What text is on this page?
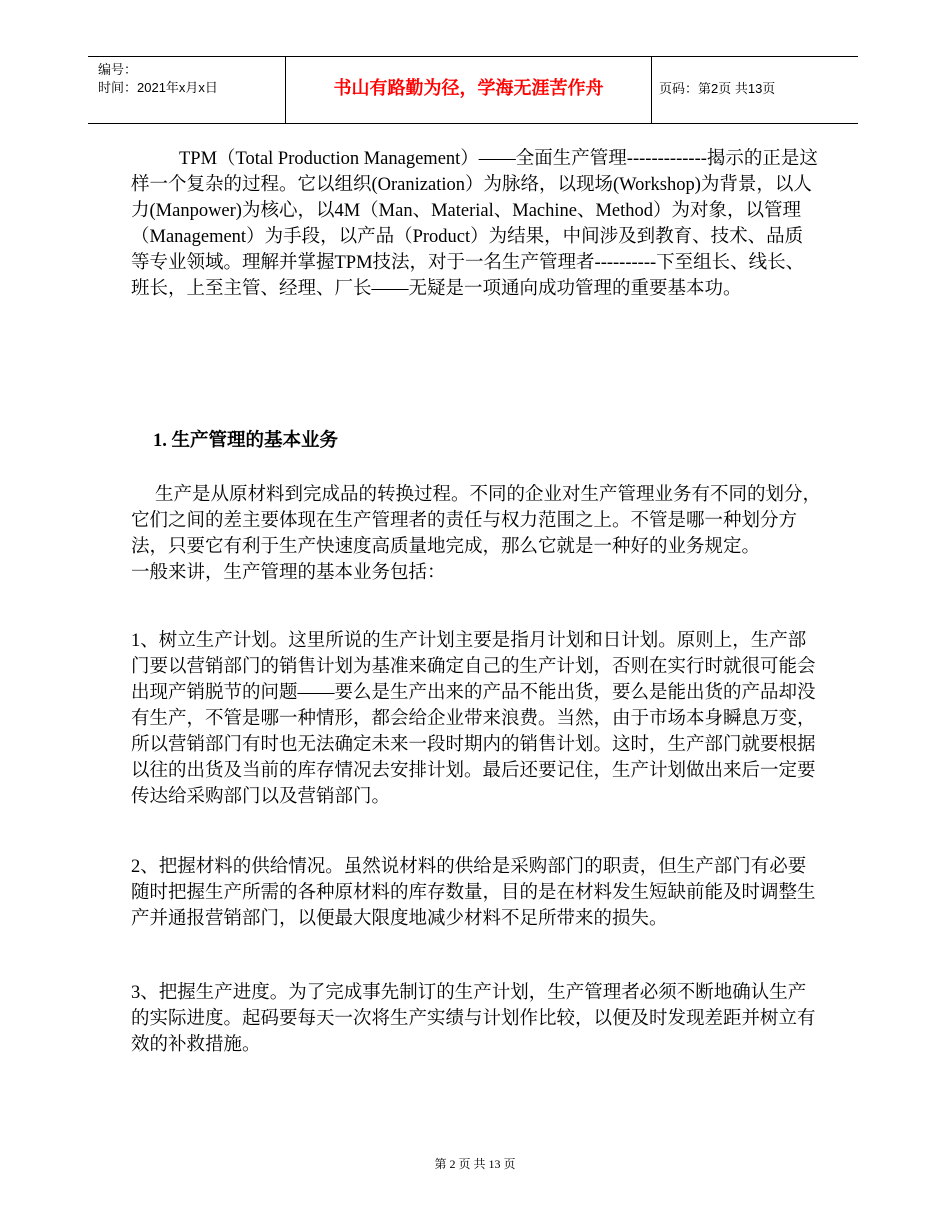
编号：
时间：2021年x月x日	书山有路勤为径，学海无涯苦作舟	页码：第2页 共13页

TPM（Total Production Management）——全面生产管理-------------揭示的正是这样一个复杂的过程。它以组织(Oranization）为脉络，以现场(Workshop)为背景，以人力(Manpower)为核心，以4M（Man、Material、Machine、Method）为对象，以管理（Management）为手段，以产品（Product）为结果，中间涉及到教育、技术、品质等专业领域。理解并掌握TPM技法，对于一名生产管理者----------下至组长、线长、班长，上至主管、经理、厂长——无疑是一项通向成功管理的重要基本功。

1. 生产管理的基本业务

生产是从原材料到完成品的转换过程。不同的企业对生产管理业务有不同的划分，它们之间的差主要体现在生产管理者的责任与权力范围之上。不管是哪一种划分方法，只要它有利于生产快速度高质量地完成，那么它就是一种好的业务规定。

一般来讲，生产管理的基本业务包括：

1、树立生产计划。这里所说的生产计划主要是指月计划和日计划。原则上，生产部门要以营销部门的销售计划为基准来确定自己的生产计划，否则在实行时就很可能会出现产销脱节的问题——要么是生产出来的产品不能出货，要么是能出货的产品却没有生产，不管是哪一种情形，都会给企业带来浪费。当然，由于市场本身瞬息万变，所以营销部门有时也无法确定未来一段时期内的销售计划。这时，生产部门就要根据以往的出货及当前的库存情况去安排计划。最后还要记住，生产计划做出来后一定要传达给采购部门以及营销部门。

2、把握材料的供给情况。虽然说材料的供给是采购部门的职责，但生产部门有必要随时把握生产所需的各种原材料的库存数量，目的是在材料发生短缺前能及时调整生产并通报营销部门，以便最大限度地减少材料不足所带来的损失。

3、把握生产进度。为了完成事先制订的生产计划，生产管理者必须不断地确认生产的实际进度。起码要每天一次将生产实绩与计划作比较，以便及时发现差距并树立有效的补救措施。

第 2 页 共 13 页
